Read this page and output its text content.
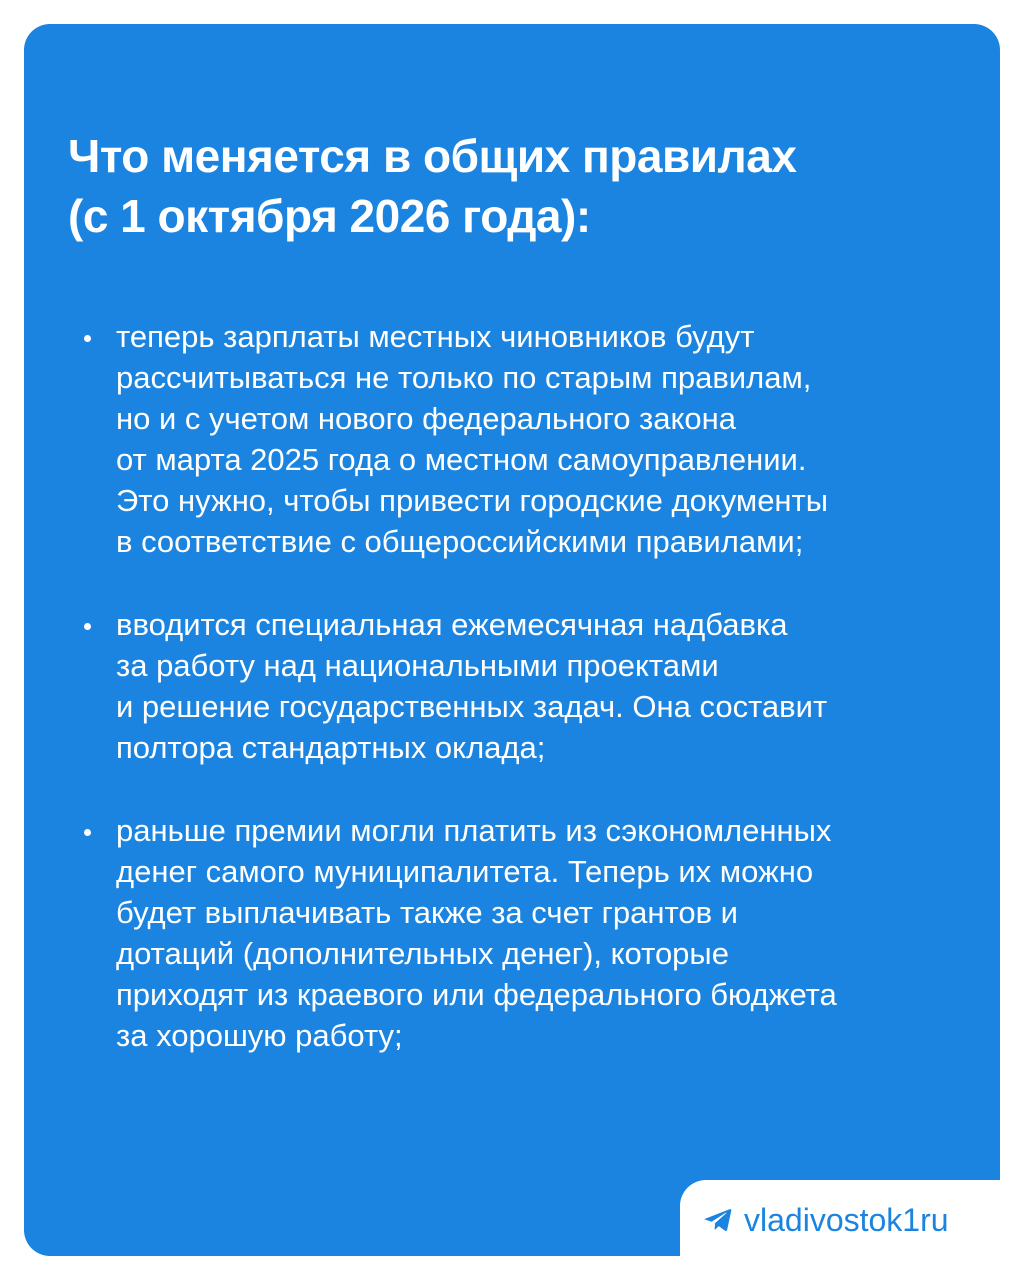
Что меняется в общих правилах
(с 1 октября 2026 года):
теперь зарплаты местных чиновников будут
рассчитываться не только по старым правилам,
но и с учетом нового федерального закона
от марта 2025 года о местном самоуправлении.
Это нужно, чтобы привести городские документы
в соответствие с общероссийскими правилами;
вводится специальная ежемесячная надбавка
за работу над национальными проектами
и решение государственных задач. Она составит
полтора стандартных оклада;
раньше премии могли платить из сэкономленных
денег самого муниципалитета. Теперь их можно
будет выплачивать также за счет грантов и
дотаций (дополнительных денег), которые
приходят из краевого или федерального бюджета
за хорошую работу;
vladivostok1ru
